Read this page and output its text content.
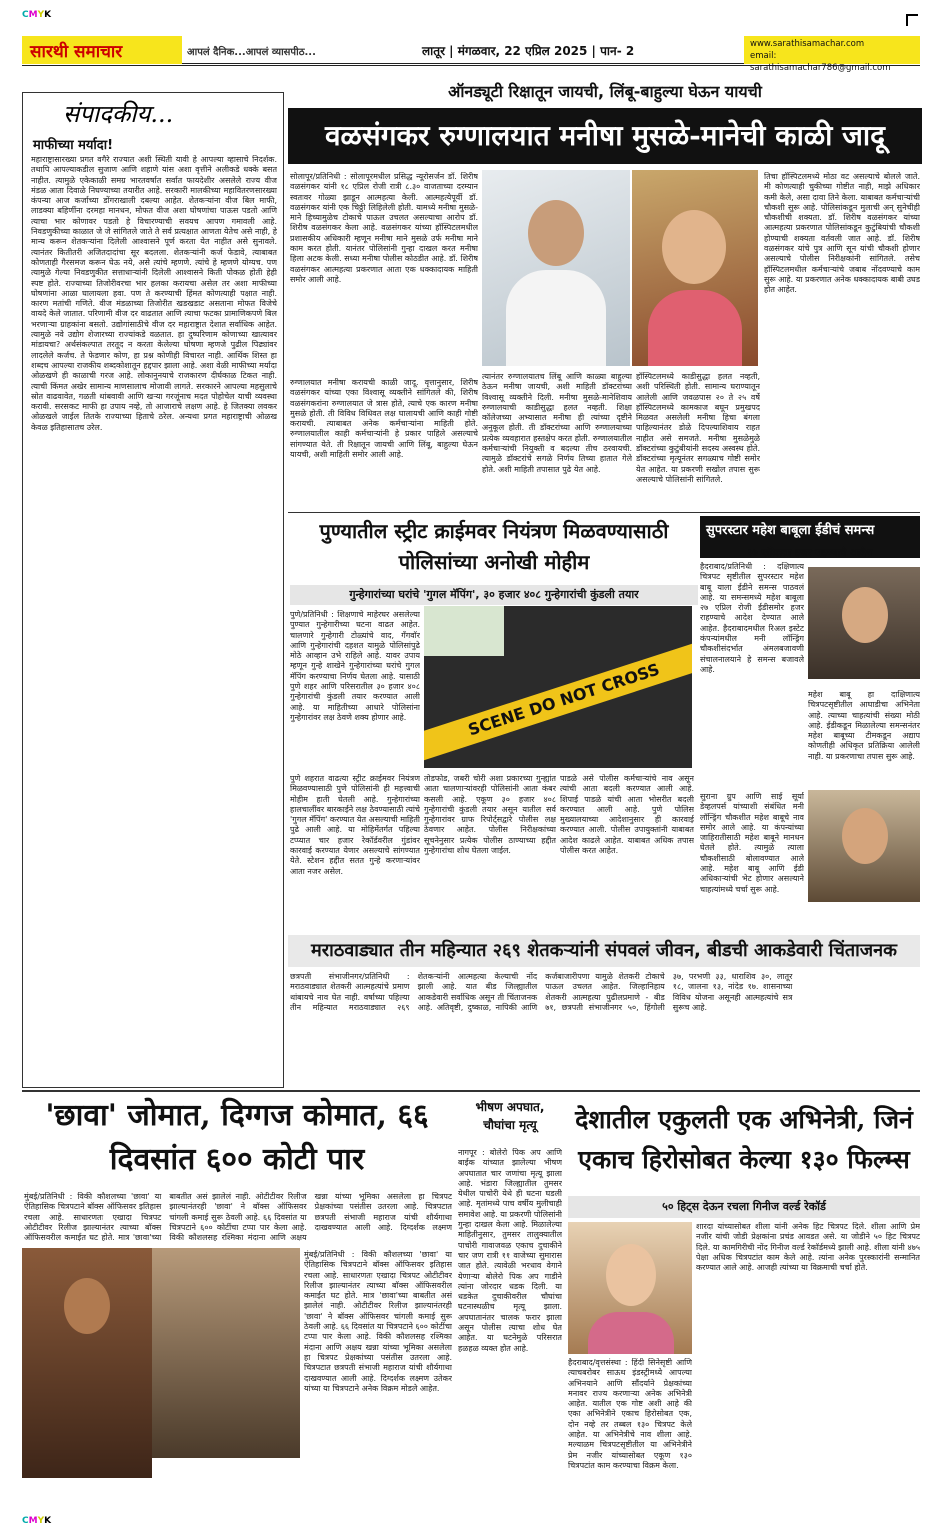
CMYK
CMYK
सारथी समाचार	आपलं दैनिक...आपलं व्यासपीठ...	लातूर | मंगळवार, 22 एप्रिल 2025 | पान- 2	www.sarathisamachar.com
email: sarathisamachar786@gmail.com
संपादकीय...
माफीच्या मर्यादा!
महाराष्ट्रासारख्या प्रगत वगैरे राज्यात अशी स्थिती यावी हे आपल्या व्हासाचे निदर्शक. तथापि आपल्याकडील सुजाण आणि शहाणे यांस अशा वृत्तीने अलीकडे धक्के बसत नाहीत. त्यामुळे एकेकाळी समग्र भारतवर्षात सर्वात फायदेशीर असलेले राज्य वीज मंडळ आता दिवाळे निघण्याच्या तयारीत आहे. सरकारी मालकीच्या महावितरणसारख्या कंपन्या आज कर्जाच्या डोंगराखाली दबल्या आहेत. शेतकऱ्यांना वीज बिल माफी, लाडक्या बहिणींना दरमहा मानधन, मोफत वीज अशा घोषणांचा पाऊस पडतो आणि त्याचा भार कोणावर पडतो हे विचारण्याची सवयच आपण गमावली आहे. निवडणुकीच्या काळात जे जे सांगितले जाते ते सर्व प्रत्यक्षात आणता येतेच असे नाही, हे मान्य करून शेतकऱ्यांना दिलेली आश्वासने पूर्ण करता येत नाहीत असे सुनावले. त्यानंतर कितीतरी अजितदादांचा सूर बदलला. शेतकऱ्यांनी कर्ज फेडावे, त्याबाबत कोणताही गैरसमज करून घेऊ नये, असे त्यांचे म्हणणे. त्यांचे हे म्हणणे योग्यच. पण त्यामुळे गेल्या निवडणुकीत सत्ताधाऱ्यांनी दिलेली आश्वासने किती पोकळ होती हेही स्पष्ट होते. राज्याच्या तिजोरीवरचा भार हलका करायचा असेल तर अशा माफीच्या घोषणांना आळा घालायला हवा. पण ते करण्याची हिंमत कोणत्याही पक्षात नाही. कारण मतांची गणिते. वीज मंडळाच्या तिजोरीत खडखडाट असताना मोफत विजेचे वायदे केले जातात. परिणामी वीज दर वाढतात आणि त्याचा फटका प्रामाणिकपणे बिल भरणाऱ्या ग्राहकांना बसतो. उद्योगांसाठीचे वीज दर महाराष्ट्रात देशात सर्वाधिक आहेत. त्यामुळे नवे उद्योग शेजारच्या राज्यांकडे वळतात. हा दुष्परिणाम कोणाच्या खात्यावर मांडायचा? अर्थसंकल्पात तरतूद न करता केलेल्या घोषणा म्हणजे पुढील पिढ्यांवर लादलेले कर्जच. ते फेडणार कोण, हा प्रश्न कोणीही विचारत नाही. आर्थिक शिस्त हा शब्दच आपल्या राजकीय शब्दकोशातून हद्दपार झाला आहे. अशा वेळी माफीच्या मर्यादा ओळखणे ही काळाची गरज आहे. लोकानुनयाचे राजकारण दीर्घकाळ टिकत नाही. त्याची किंमत अखेर सामान्य माणसालाच मोजावी लागते. सरकारने आपल्या महसुलाचे स्रोत वाढवावेत, गळती थांबवावी आणि खऱ्या गरजूंनाच मदत पोहोचेल याची व्यवस्था करावी. सरसकट माफी हा उपाय नव्हे, तो आजाराचे लक्षण आहे. हे जितक्या लवकर ओळखले जाईल तितके राज्याच्या हिताचे ठरेल. अन्यथा प्रगत महाराष्ट्राची ओळख केवळ इतिहासातच उरेल.
ऑनड्यूटी रिक्षातून जायची, लिंबू-बाहुल्या घेऊन यायची
वळसंगकर रुग्णालयात मनीषा मुसळे-मानेची काळी जादू
सोलापूर/प्रतिनिधी : सोलापूरमधील प्रसिद्ध न्यूरोसर्जन डॉ. शिरीष वळसंगकर यांनी १८ एप्रिल रोजी रात्री ८.३० वाजताच्या दरम्यान स्वतःवर गोळ्या झाडून आत्महत्या केली. आत्महत्येपूर्वी डॉ. वळसंगकर यांनी एक चिठ्ठी लिहिलेली होती. यामध्ये मनीषा मुसळे-माने हिच्यामुळेच टोकाचे पाऊल उचलत असल्याचा आरोप डॉ. शिरीष वळसंगकर केला आहे. वळसंगकर यांच्या हॉस्पिटलमधील प्रशासकीय अधिकारी म्हणून मनीषा माने मुसळे उर्फ मनीषा माने काम करत होती. यानंतर पोलिसांनी गुन्हा दाखल करत मनीषा हिला अटक केली. सध्या मनीषा पोलीस कोठडीत आहे. डॉ. शिरीष वळसंगकर आत्महत्या प्रकरणात आता एक धक्कादायक माहिती समोर आली आहे.
रुग्णालयात मनीषा करायची काळी जादू. वृत्तानुसार, शिरीष वळसंगकर यांच्या एका विश्वासू व्यक्तीने सांगितले की, शिरीष वळसंगकरांना रुग्णालयात जे त्रास होते, त्याचे एक कारण मनीषा मुसळे होती. ती विविध विधिवत लक्ष घालायची आणि काही गोष्टी करायची. त्याबाबत अनेक कर्मचाऱ्यांना माहिती होते. रुग्णालयातील काही कर्मचाऱ्यांनी हे प्रकार पाहिले असल्याचे सांगण्यात येते. ती रिक्षातून जायची आणि लिंबू, बाहुल्या घेऊन यायची, अशी माहिती समोर आली आहे.
त्यानंतर रुग्णालयातच लिंबू आणि काळ्या बाहुल्या ठेऊन मनीषा जायची, अशी माहिती डॉक्टरांच्या विश्वासू व्यक्तीने दिली. मनीषा मुसळे-मानेशिवाय रुग्णालयाची काडीसुद्धा हलत नव्हती. शिक्षा कॉलेजच्या अभ्यासात मनीषा ही त्यांच्या दृष्टीने अनुकूल होती. ती डॉक्टरांच्या आणि रुग्णालयाच्या प्रत्येक व्यवहारात हस्तक्षेप करत होती. रुग्णालयातील कर्मचाऱ्यांची नियुक्ती व बदल्या तीच ठरवायची. त्यामुळे डॉक्टरांचे सगळे निर्णय तिच्या हातात गेले होते. अशी माहिती तपासात पुढे येत आहे.
हॉस्पिटलमध्ये काडीसुद्धा हलत नव्हती, अशी परिस्थिती होती. सामान्य घराण्यातून आलेली आणि जवळपास २० ते २५ वर्षे हॉस्पिटलमध्ये कामकाज बघून प्रमुखपद मिळवत असलेली मनीषा हिचा बंगला पाहिल्यानंतर डोळे दिपल्याशिवाय राहत नाहीत असे समजते. मनीषा मुसळेमुळे डॉक्टरांच्या कुटुंबीयांनी सदस्य अस्वस्थ होते. डॉक्टरांच्या मृत्यूनंतर सगळ्याच गोष्टी समोर येत आहेत. या प्रकरणी सखोल तपास सुरू असल्याचे पोलिसांनी सांगितले.
तिचा हॉस्पिटलमध्ये मोठा वट असल्याचे बोलले जाते. मी कोणत्याही चुकीच्या गोष्टीत नाही, माझे अधिकार कमी केले, असा दावा तिने केला. याबाबत कर्मचाऱ्यांची चौकशी सुरू आहे. पोलिसांकडून मुलाची अन् सुनेचीही चौकशीची शक्यता. डॉ. शिरीष वळसंगकर यांच्या आत्महत्या प्रकरणात पोलिसांकडून कुटुंबियांची चौकशी होण्याची शक्यता वर्तवली जात आहे. डॉ. शिरीष वळसंगकर यांचे पुत्र आणि सून यांची चौकशी होणार असल्याचे पोलीस निरीक्षकांनी सांगितले. तसेच हॉस्पिटलमधील कर्मचाऱ्यांचे जबाब नोंदवण्याचे काम सुरू आहे. या प्रकरणात अनेक धक्कादायक बाबी उघड होत आहेत.
पुण्यातील स्ट्रीट क्राईमवर नियंत्रण मिळवण्यासाठी पोलिसांच्या अनोखी मोहीम
गुन्हेगारांच्या घरांचे 'गुगल मॅपिंग', ३० हजार ४०८ गुन्हेगारांची कुंडली तयार
पुणे/प्रतिनिधी : शिक्षणाचे माहेरघर असलेल्या पुण्यात गुन्हेगारीच्या घटना वाढत आहेत. चालणारे गुन्हेगारी टोळ्यांचे वाद, गँगवॉर आणि गुन्हेगारांची दहशत यामुळे पोलिसांपुढे मोठे आव्हान उभे राहिले आहे. यावर उपाय म्हणून गुन्हे शाखेने गुन्हेगारांच्या घरांचे गुगल मॅपिंग करण्याचा निर्णय घेतला आहे. यासाठी पुणे शहर आणि परिसरातील ३० हजार ४०८ गुन्हेगारांची कुंडली तयार करण्यात आली आहे. या माहितीच्या आधारे पोलिसांना गुन्हेगारांवर लक्ष ठेवणे शक्य होणार आहे.	SCENE DO NOT CROSS
पुणे शहरात वाढत्या स्ट्रीट क्राईमवर नियंत्रण मिळवण्यासाठी पुणे पोलिसांनी ही महत्त्वाची मोहीम हाती घेतली आहे. गुन्हेगारांच्या हालचालींवर बारकाईने लक्ष ठेवण्यासाठी त्यांचे 'गुगल मॅपिंग' करण्यात येत असल्याची माहिती पुढे आली आहे. या मोहिमेंतर्गत पहिल्या टप्प्यात चार हजार रेकॉर्डवरील गुंडांवर कारवाई करण्यात येणार असल्याचे सांगण्यात येते. स्टेशन हद्दीत सतत गुन्हे करणाऱ्यांवर आता नजर असेल.
तोडफोड, जबरी चोरी अशा प्रकारच्या गुन्ह्यांत आता चालणाऱ्यांवरही पोलिसांनी आता कंबर कसली आहे. एकूण ३० हजार ४०८ गुन्हेगारांची कुंडली तयार असून यातील सर्व गुन्हेगारांवर ग्राफ रिपोर्ट्सद्वारे पोलीस लक्ष ठेवणार आहेत. पोलीस निरीक्षकांच्या सूचनेनुसार प्रत्येक पोलीस ठाण्याच्या हद्दीत गुन्हेगारांचा शोध घेतला जाईल.
पाडळे असे पोलीस कर्मचाऱ्यांचे नाव असून त्यांची आता बदली करण्यात आली आहे. शिपाई पाडळे यांची आता भोसरीत बदली करण्यात आली आहे. पुणे पोलिस मुख्यालयाच्या आदेशानुसार ही कारवाई करण्यात आली. पोलीस उपायुक्तांनी याबाबत आदेश काढले आहेत. याबाबत अधिक तपास पोलीस करत आहेत.
सुपरस्टार महेश बाबूला ईडीचं समन्स
२७ एप्रिलला हजर राहण्याचे आदेश
हैदराबाद/प्रतिनिधी : दक्षिणात्य चित्रपट सृष्टीतील सुपरस्टार महेश बाबू याला ईडीने समन्स पाठवलं आहे. या समन्समध्ये महेश बाबूला २७ एप्रिल रोजी ईडीसमोर हजर राहण्याचे आदेश देण्यात आले आहेत. हैदराबादमधील रिअल इस्टेट कंपन्यांमधील मनी लॉन्ड्रिंग चौकशीसंदर्भात अंमलबजावणी संचालनालयाने हे समन्स बजावले आहे.
सुराना ग्रुप आणि साई सूर्या डेव्हलपर्स यांच्याशी संबंधित मनी लॉन्ड्रिंग चौकशीत महेश बाबूचे नाव समोर आले आहे. या कंपन्यांच्या जाहिरातीसाठी महेश बाबूने मानधन घेतले होते. त्यामुळे त्याला चौकशीसाठी बोलावण्यात आले आहे. महेश बाबू आणि ईडी अधिकाऱ्यांची भेट होणार असल्याने चाहत्यांमध्ये चर्चा सुरू आहे.
महेश बाबू हा दाक्षिणात्य चित्रपटसृष्टीतील आघाडीचा अभिनेता आहे. त्याच्या चाहत्यांची संख्या मोठी आहे. ईडीकडून मिळालेल्या समन्सनंतर महेश बाबूच्या टीमकडून अद्याप कोणतीही अधिकृत प्रतिक्रिया आलेली नाही. या प्रकरणाचा तपास सुरू आहे.
मराठवाड्यात तीन महिन्यात २६९ शेतकऱ्यांनी संपवलं जीवन, बीडची आकडेवारी चिंताजनक
छत्रपती संभाजीनगर/प्रतिनिधी : मराठवाड्यात शेतकरी आत्महत्यांचे प्रमाण थांबायचे नाव घेत नाही. वर्षाच्या पहिल्या तीन महिन्यात मराठवाड्यात २६९ शेतकऱ्यांनी आत्महत्या केल्याची नोंद झाली आहे. यात बीड जिल्ह्यातील आकडेवारी सर्वाधिक असून ती चिंताजनक आहे. अतिवृष्टी, दुष्काळ, नापिकी आणि कर्जबाजारीपणा यामुळे शेतकरी टोकाचे पाऊल उचलत आहेत. जिल्हानिहाय शेतकरी आत्महत्या पुढीलप्रमाणे - बीड ७१, छत्रपती संभाजीनगर ५०, हिंगोली ३७, परभणी ३३, धाराशिव ३०, लातूर १८, जालना १३, नांदेड १७. शासनाच्या विविध योजना असूनही आत्महत्यांचे सत्र सुरूच आहे.
'छावा' जोमात, दिग्गज कोमात, ६६ दिवसांत ६०० कोटी पार
मुंबई/प्रतिनिधी : विकी कौशलच्या 'छावा' या ऐतिहासिक चित्रपटाने बॉक्स ऑफिसवर इतिहास रचला आहे. साधारणतः एखादा चित्रपट ओटीटीवर रिलीज झाल्यानंतर त्याच्या बॉक्स ऑफिसवरील कमाईत घट होते. मात्र 'छावा'च्या बाबतीत असं झालेलं नाही. ओटीटीवर रिलीज झाल्यानंतरही 'छावा' ने बॉक्स ऑफिसवर चांगली कमाई सुरू ठेवली आहे. ६६ दिवसांत या चित्रपटाने ६०० कोटींचा टप्पा पार केला आहे. विकी कौशलसह रश्मिका मंदाना आणि अक्षय खन्ना यांच्या भूमिका असलेला हा चित्रपट प्रेक्षकांच्या पसंतीस उतरला आहे. चित्रपटात छत्रपती संभाजी महाराज यांची शौर्यगाथा दाखवण्यात आली आहे. दिग्दर्शक लक्ष्मण
मुंबई/प्रतिनिधी : विकी कौशलच्या 'छावा' या ऐतिहासिक चित्रपटाने बॉक्स ऑफिसवर इतिहास रचला आहे. साधारणतः एखादा चित्रपट ओटीटीवर रिलीज झाल्यानंतर त्याच्या बॉक्स ऑफिसवरील कमाईत घट होते. मात्र 'छावा'च्या बाबतीत असं झालेलं नाही. ओटीटीवर रिलीज झाल्यानंतरही 'छावा' ने बॉक्स ऑफिसवर चांगली कमाई सुरू ठेवली आहे. ६६ दिवसांत या चित्रपटाने ६०० कोटींचा टप्पा पार केला आहे. विकी कौशलसह रश्मिका मंदाना आणि अक्षय खन्ना यांच्या भूमिका असलेला हा चित्रपट प्रेक्षकांच्या पसंतीस उतरला आहे. चित्रपटात छत्रपती संभाजी महाराज यांची शौर्यगाथा दाखवण्यात आली आहे. दिग्दर्शक लक्ष्मण उतेकर यांच्या या चित्रपटाने अनेक विक्रम मोडले आहेत.
भीषण अपघात, चौघांचा मृत्यू
नागपूर : बोलेरो पिक अप आणि बाईक यांच्यात झालेल्या भीषण अपघातात चार जणांचा मृत्यू झाला आहे. भंडारा जिल्ह्यातील तुमसर येथील पाचोरी येथे ही घटना घडली आहे. मृतांमध्ये पाच वर्षीय मुलीचाही समावेश आहे. या प्रकरणी पोलिसांनी गुन्हा दाखल केला आहे. मिळालेल्या माहितीनुसार, तुमसर तालुक्यातील पाचोरी गावाजवळ एकाच दुचाकीने चार जण रात्री ११ वाजेच्या सुमारास जात होते. त्यावेळी भरधाव वेगाने येणाऱ्या बोलेरो पिक अप गाडीने त्यांना जोरदार धडक दिली. या धडकेत दुचाकीवरील चौघांचा घटनास्थळीच मृत्यू झाला. अपघातानंतर चालक फरार झाला असून पोलीस त्याचा शोध घेत आहेत. या घटनेमुळे परिसरात हळहळ व्यक्त होत आहे.
देशातील एकुलती एक अभिनेत्री, जिनं एकाच हिरोसोबत केल्या १३० फिल्म्स
५० हिट्स देऊन रचला गिनीज वर्ल्ड रेकॉर्ड
शारदा यांच्यासोबत शीला यांनी अनेक हिट चित्रपट दिले. शीला आणि प्रेम नजीर यांची जोडी प्रेक्षकांना प्रचंड आवडत असे. या जोडीने ५० हिट चित्रपट दिले. या कामगिरीची नोंद गिनीज वर्ल्ड रेकॉर्डमध्ये झाली आहे. शीला यांनी ४७५ पेक्षा अधिक चित्रपटांत काम केले आहे. त्यांना अनेक पुरस्कारांनी सन्मानित करण्यात आले आहे. आजही त्यांच्या या विक्रमाची चर्चा होते.
हैदराबाद/वृत्तसंस्था : हिंदी सिनेसृष्टी आणि त्याचबरोबर साऊथ इंडस्ट्रीमध्ये आपल्या अभिनयाने आणि सौंदर्याने प्रेक्षकांच्या मनावर राज्य करणाऱ्या अनेक अभिनेत्री आहेत. यातील एक गोष्ट अशी आहे की एका अभिनेत्रीने एकाच हिरोसोबत एक, दोन नव्हे तर तब्बल १३० चित्रपट केले आहेत. या अभिनेत्रीचे नाव शीला आहे. मल्याळम चित्रपटसृष्टीतील या अभिनेत्रीने प्रेम नजीर यांच्यासोबत एकूण १३० चित्रपटांत काम करण्याचा विक्रम केला.
